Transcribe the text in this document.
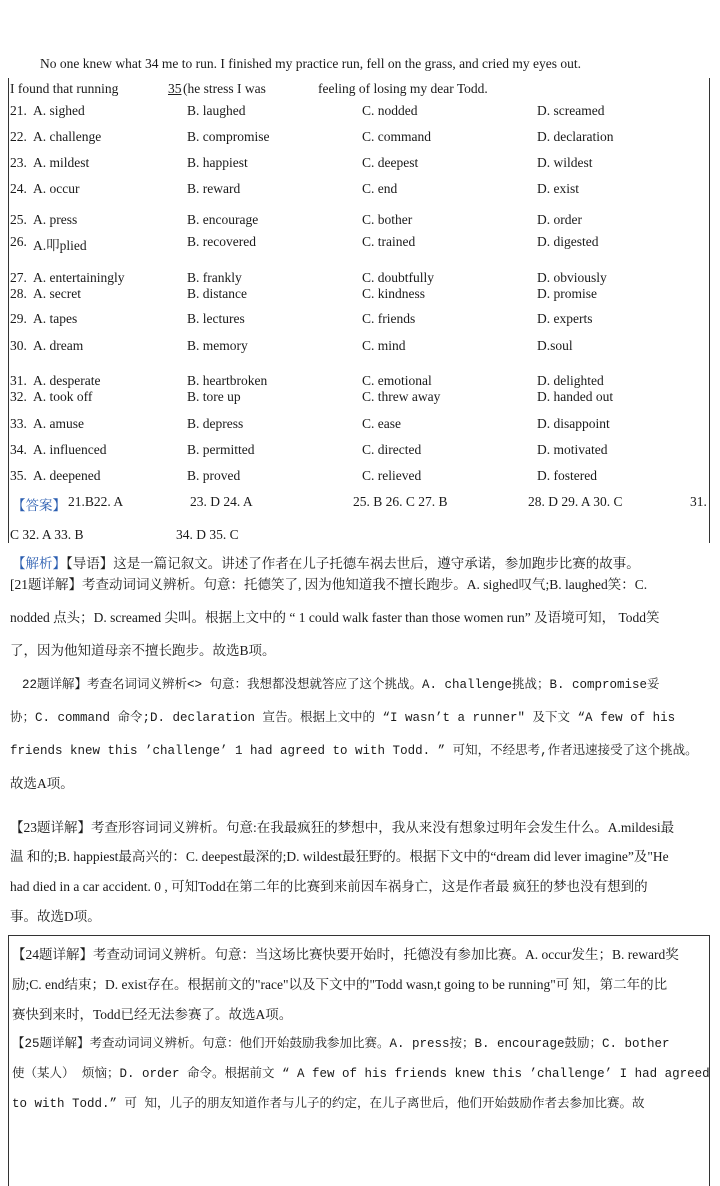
No one knew what 34 me to run. I finished my practice run, fell on the grass, and cried my eyes out.
I found that running	35 (he stress I was	feeling of losing my dear Todd.
21. A. sighed	B. laughed	C. nodded	D. screamed
22. A. challenge	B. compromise	C. command	D. declaration
23. A. mildest	B. happiest	C. deepest	D. wildest
24. A. occur	B. reward	C. end	D. exist
25. A. press	B. encourage	C. bother	D. order
26. A.叩plied	B. recovered	C. trained	D. digested
27. A. entertainingly	B. frankly	C. doubtfully	D. obviously
28. A. secret	B. distance	C. kindness	D. promise
29. A. tapes	B. lectures	C. friends	D. experts
30. A. dream	B. memory	C. mind	D.soul
31. A. desperate	B. heartbroken	C. emotional	D. delighted
32. A. took off	B. tore up	C. threw away	D. handed out
33. A. amuse	B. depress	C. ease	D. disappoint
34. A. influenced	B. permitted	C. directed	D. motivated
35. A. deepened	B. proved	C. relieved	D. fostered
【答案】 21.B22. A	23. D 24. A	25. B 26. C 27. B	28. D 29. A 30. C	31.
C 32. A 33. B	34. D 35. C
【解析】【导语】这是一篇记叙文。讲述了作者在儿子托德车祸去世后，遵守承诺，参加跑步比赛的故事。
[21题详解】考查动词词义辨析。句意：托德笑了, 因为他知道我不擅长跑步。A. sighed叹气;B. laughed笑：C.
nodded 点头；D. screamed 尖叫。根据上文中的 “ 1 could walk faster than those women run” 及语境可知， Todd笑
了，因为他知道母亲不擅长跑步。故选B项。
22题详解】考查名词词义辨析<> 句意：我想都没想就答应了这个挑战。A. challenge挑战；B. compromise妥
协；C. command 命令;D. declaration 宣告。根据上文中的 “I wasn’t a runner" 及下文 “A few of his
friends knew this ’challenge’ 1 had agreed to with Todd. ” 可知，不经思考,作者迅速接受了这个挑战。
故选A项。
【23题详解】考查形容词词义辨析。句意:在我最疯狂的梦想中，我从来没有想象过明年会发生什么。A.mildesi最
温 和的;B. happiest最高兴的：C. deepest最深的;D. wildest最狂野的。根据下文中的“dream did lever imagine”及"He
had died in a car accident. 0 , 可知Todd在第二年的比赛到来前因车祸身亡，这是作者最 疯狂的梦也没有想到的
事。故选D项。
【24题详解】考查动词词义辨析。句意：当这场比赛快要开始时，托德没有参加比赛。A. occur发生；B. reward奖
励;C. end结束；D. exist存在。根据前文的"race"以及下文中的"Todd wasn,t going to be running"可 知，第二年的比
赛快到来时，Todd已经无法参赛了。故选A项。
【25题详解】考查动词词义辨析。句意：他们开始鼓励我参加比赛。A. press按；B. encourage鼓励；C. bother
使（某人） 烦恼；D. order 命令。根据前文 “ A few of his friends knew this ’challenge’ I had agreed
to with Todd.” 可 知，儿子的朋友知道作者与儿子的约定，在儿子离世后，他们开始鼓励作者去参加比赛。故
